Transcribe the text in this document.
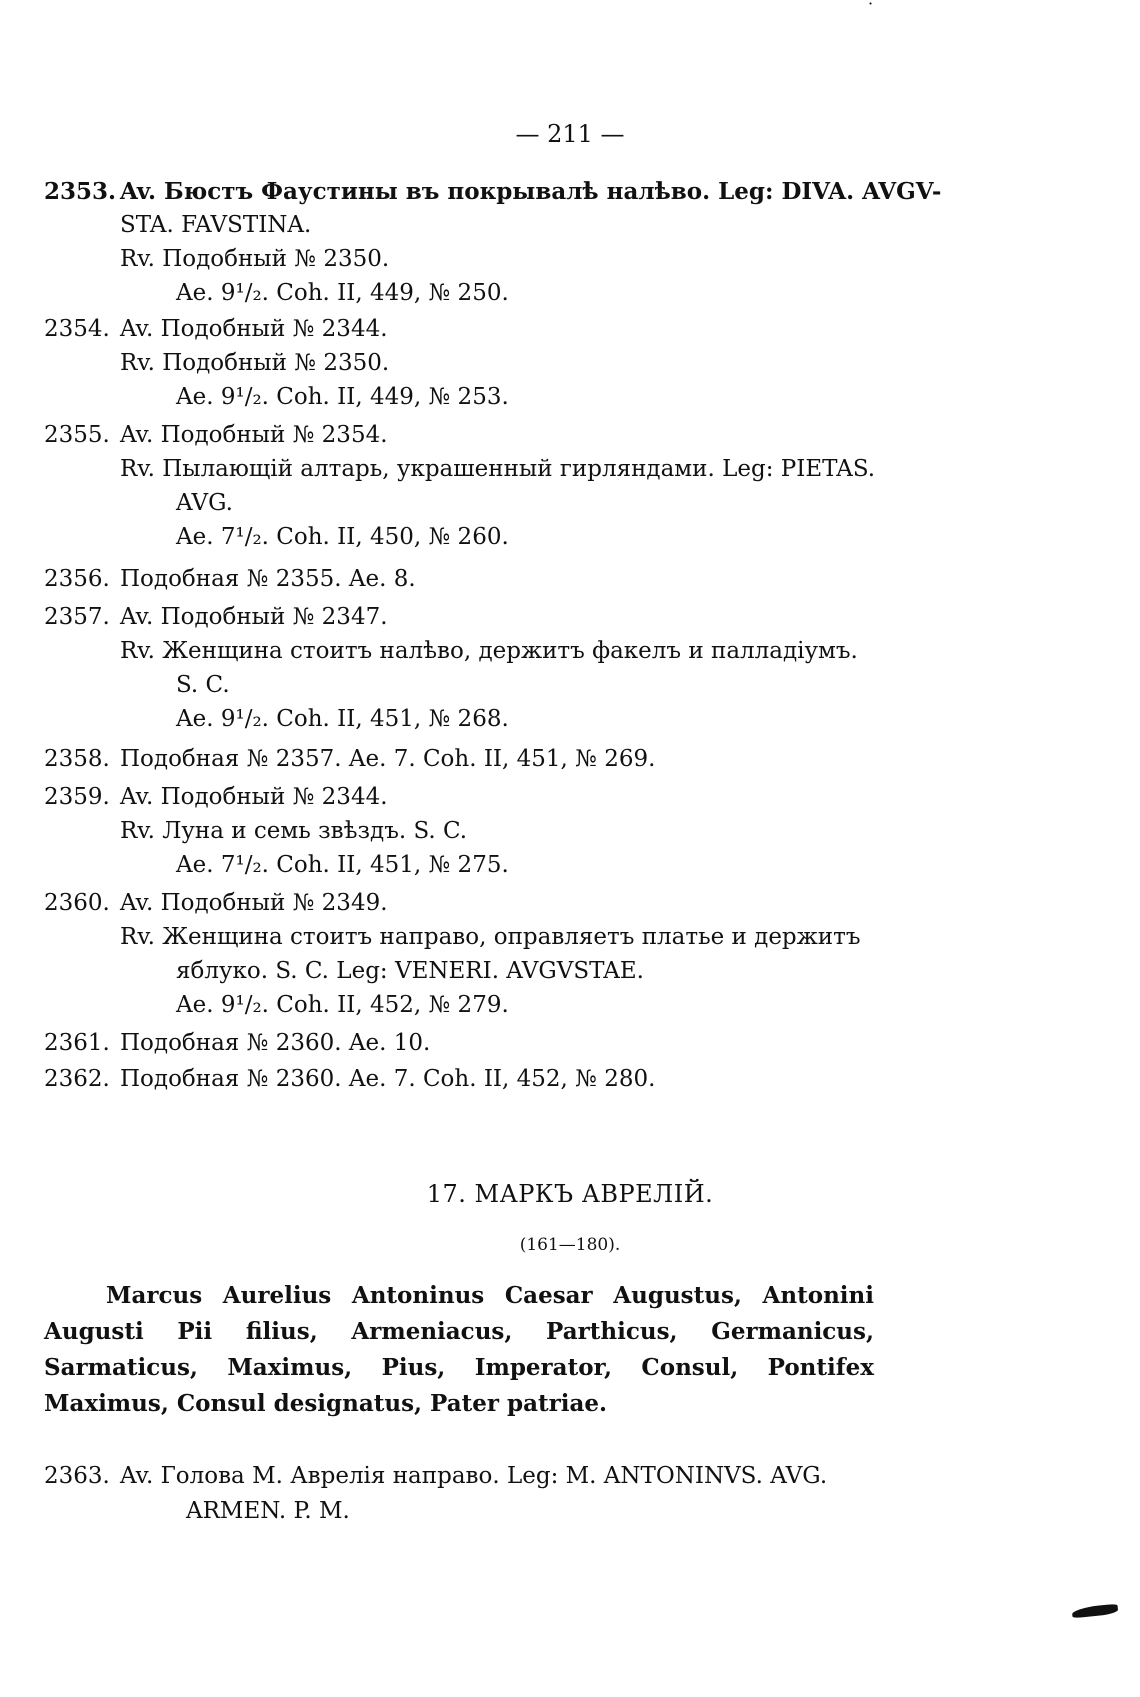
·
— 211 —
2353. Av. Бюстъ Фаустины въ покрывалѣ налѣво. Leg: DIVA. AVGV-
STA. FAVSTINA.
Rv. Подобный № 2350.
Ae. 9¹/₂. Coh. II, 449, № 250.
2354. Av. Подобный № 2344.
Rv. Подобный № 2350.
Ae. 9¹/₂. Coh. II, 449, № 253.
2355. Av. Подобный № 2354.
Rv. Пылающій алтарь, украшенный гирляндами. Leg: PIETAS.
AVG.
Ae. 7¹/₂. Coh. II, 450, № 260.
2356. Подобная № 2355. Ae. 8.
2357. Av. Подобный № 2347.
Rv. Женщина стоитъ налѣво, держитъ факелъ и палладіумъ.
S. C.
Ae. 9¹/₂. Coh. II, 451, № 268.
2358. Подобная № 2357. Ae. 7. Coh. II, 451, № 269.
2359. Av. Подобный № 2344.
Rv. Луна и семь звѣздъ. S. C.
Ae. 7¹/₂. Coh. II, 451, № 275.
2360. Av. Подобный № 2349.
Rv. Женщина стоитъ направо, оправляетъ платье и держитъ
яблуко. S. C. Leg: VENERI. AVGVSTAE.
Ae. 9¹/₂. Coh. II, 452, № 279.
2361. Подобная № 2360. Ae. 10.
2362. Подобная № 2360. Ae. 7. Coh. II, 452, № 280.
17. МАРКЪ АВРЕЛІЙ.
(161—180).
Marcus Aurelius Antoninus Caesar Augustus, Antonini Augusti Pii filius, Armeniacus, Parthicus, Germanicus, Sarmaticus, Maximus, Pius, Imperator, Consul, Pontifex Maximus, Consul designatus, Pater patriae.
2363. Av. Голова М. Аврелія направо. Leg: M. ANTONINVS. AVG.
ARMEN. P. M.
